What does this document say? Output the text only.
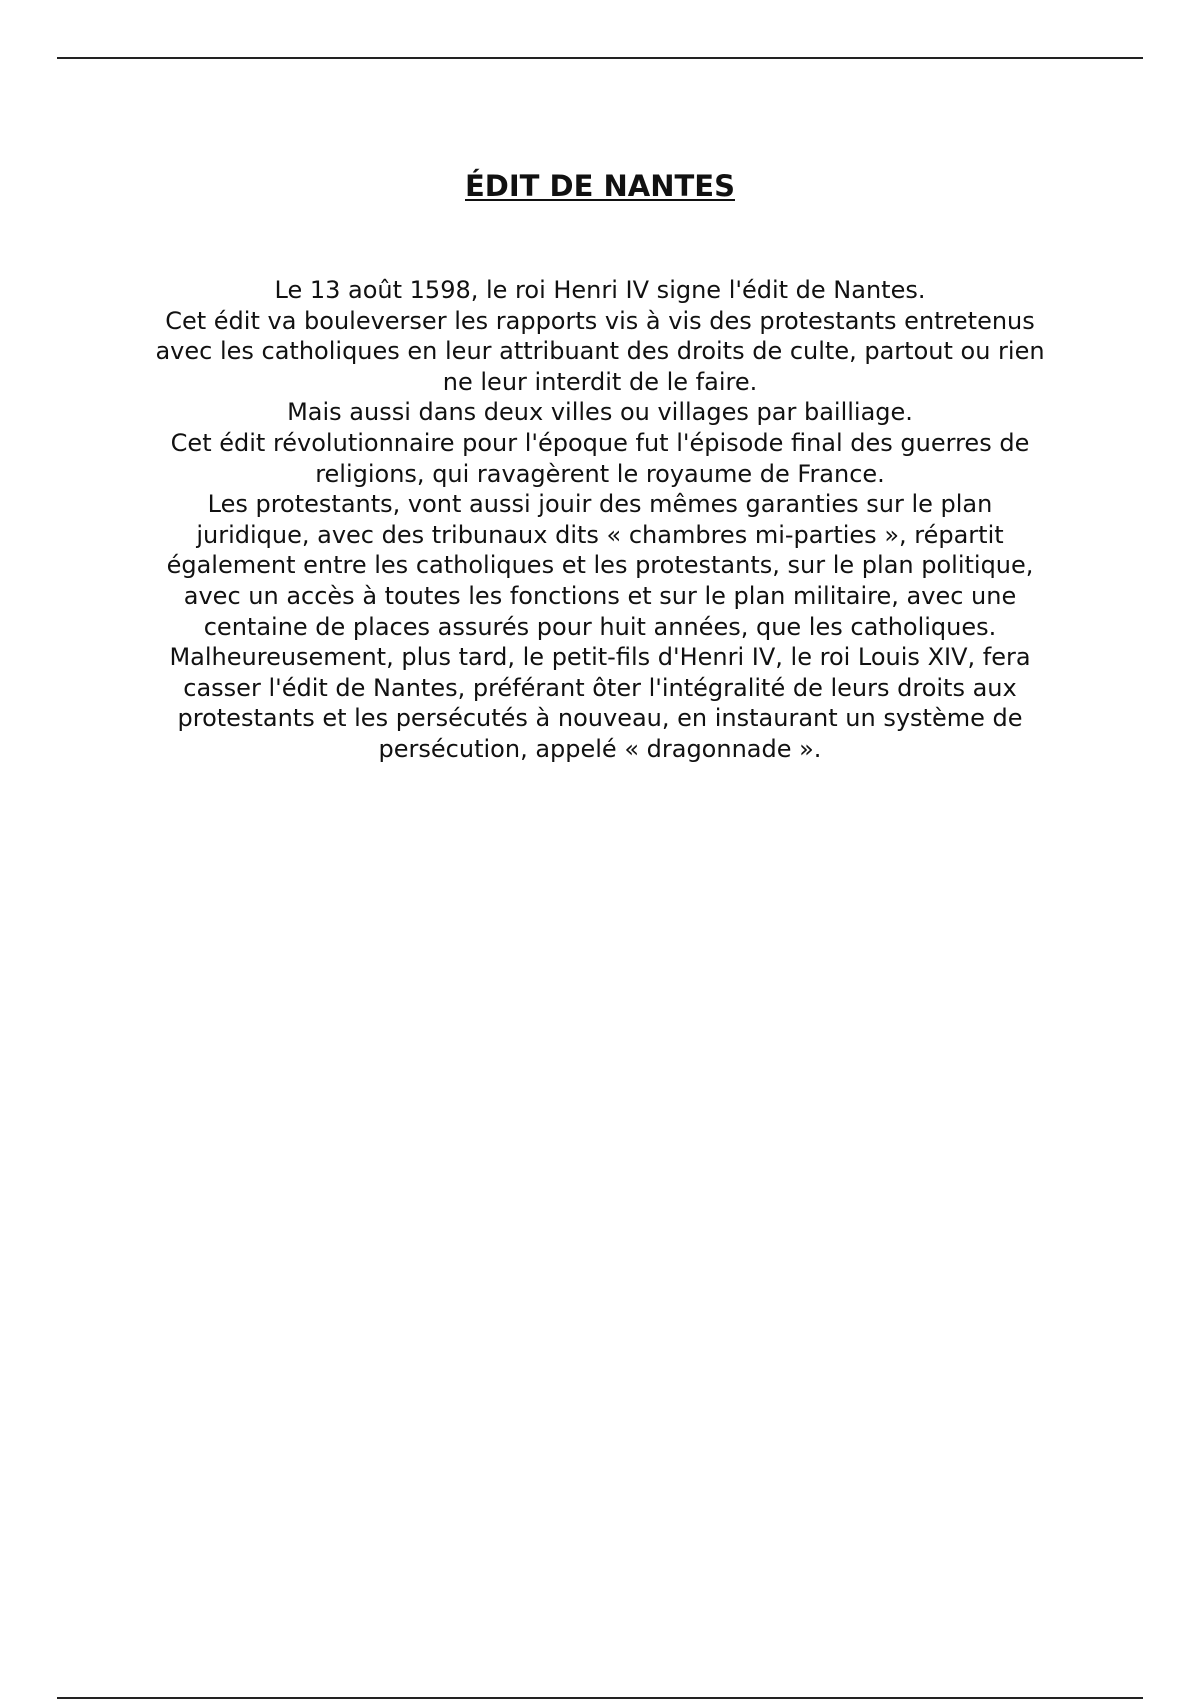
ÉDIT DE NANTES
Le 13 août 1598, le roi Henri IV signe l'édit de Nantes.
Cet édit va bouleverser les rapports vis à vis des protestants entretenus
avec les catholiques en leur attribuant des droits de culte, partout ou rien
ne leur interdit de le faire.
Mais aussi dans deux villes ou villages par bailliage.
Cet édit révolutionnaire pour l'époque fut l'épisode final des guerres de
religions, qui ravagèrent le royaume de France.
Les protestants, vont aussi jouir des mêmes garanties sur le plan
juridique, avec des tribunaux dits « chambres mi-parties », répartit
également entre les catholiques et les protestants, sur le plan politique,
avec un accès à toutes les fonctions et sur le plan militaire, avec une
centaine de places assurés pour huit années, que les catholiques.
Malheureusement, plus tard, le petit-fils d'Henri IV, le roi Louis XIV, fera
casser l'édit de Nantes, préférant ôter l'intégralité de leurs droits aux
protestants et les persécutés à nouveau, en instaurant un système de
persécution, appelé « dragonnade ».
